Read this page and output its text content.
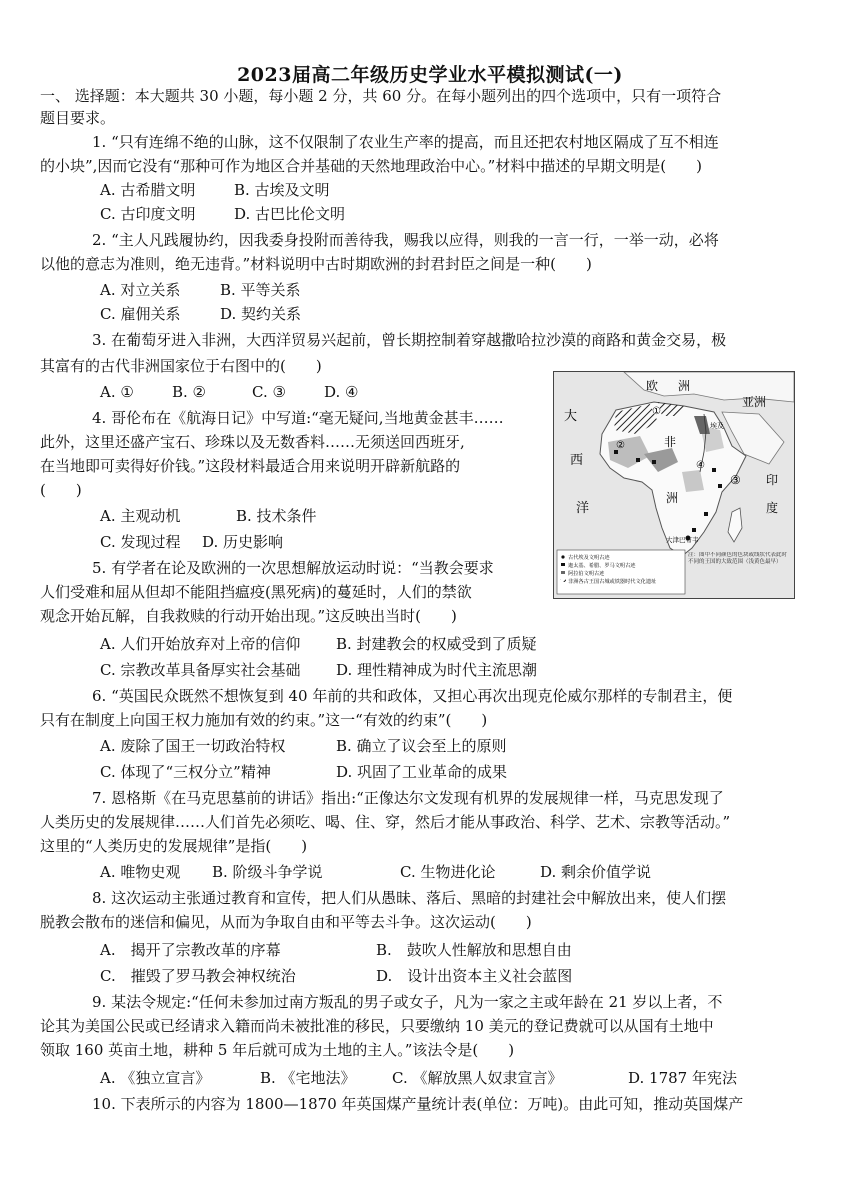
2023届高二年级历史学业水平模拟测试(一)
一、 选择题：本大题共 30 小题，每小题 2 分，共 60 分。在每小题列出的四个选项中，只有一项符合
题目要求。
1. “只有连绵不绝的山脉，这不仅限制了农业生产率的提高，而且还把农村地区隔成了互不相连
的小块”,因而它没有“那种可作为地区合并基础的天然地理政治中心。”材料中描述的早期文明是(　　)
A. 古希腊文明	B. 古埃及文明
C. 古印度文明	D. 古巴比伦文明
2. “主人凡践履协约，因我委身投附而善待我，赐我以应得，则我的一言一行，一举一动，必将
以他的意志为准则，绝无违背。”材料说明中古时期欧洲的封君封臣之间是一种(　　)
A. 对立关系	B. 平等关系
C. 雇佣关系	D. 契约关系
3. 在葡萄牙进入非洲，大西洋贸易兴起前，曾长期控制着穿越撒哈拉沙漠的商路和黄金交易，极
其富有的古代非洲国家位于右图中的(　　)
A. ①	B. ②	C. ③	D. ④
4. 哥伦布在《航海日记》中写道:“毫无疑问,当地黄金甚丰……
此外，这里还盛产宝石、珍珠以及无数香料……无须送回西班牙,
在当地即可卖得好价钱。”这段材料最适合用来说明开辟新航路的
(　　)
A. 主观动机	B. 技术条件
C. 发现过程 D. 历史影响
5. 有学者在论及欧洲的一次思想解放运动时说：“当教会要求
人们受难和屈从但却不能阻挡瘟疫(黑死病)的蔓延时，人们的禁欲
观念开始瓦解，自我救赎的行动开始出现。”这反映出当时(　　)
A. 人们开始放弃对上帝的信仰 B. 封建教会的权威受到了质疑
C. 宗教改革具备厚实社会基础 D. 理性精神成为时代主流思潮
6. “英国民众既然不想恢复到 40 年前的共和政体，又担心再次出现克伦威尔那样的专制君主，便
只有在制度上向国王权力施加有效的约束。”这一“有效的约束”(　　)
A. 废除了国王一切政治特权	B. 确立了议会至上的原则
C. 体现了“三权分立”精神	D. 巩固了工业革命的成果
7. 恩格斯《在马克思墓前的讲话》指出:“正像达尔文发现有机界的发展规律一样，马克思发现了
人类历史的发展规律……人们首先必须吃、喝、住、穿，然后才能从事政治、科学、艺术、宗教等活动。”
这里的“人类历史的发展规律”是指(　　)
A. 唯物史观 B. 阶级斗争学说	C. 生物进化论	D. 剩余价值学说
8. 这次运动主张通过教育和宣传，把人们从愚昧、落后、黑暗的封建社会中解放出来，使人们摆
脱教会散布的迷信和偏见，从而为争取自由和平等去斗争。这次运动(　　)
A.　揭开了宗教改革的序幕	B.　鼓吹人性解放和思想自由
C.　摧毁了罗马教会神权统治	D.　设计出资本主义社会蓝图
9. 某法令规定:“任何未参加过南方叛乱的男子或女子，凡为一家之主或年龄在 21 岁以上者，不
论其为美国公民或已经请求入籍而尚未被批准的移民，只要缴纳 10 美元的登记费就可以从国有土地中
领取 160 英亩土地，耕种 5 年后就可成为土地的主人。”该法令是(　　)
A. 《独立宣言》	B. 《宅地法》 C. 《解放黑人奴隶宣言》	D. 1787 年宪法
10. 下表所示的内容为 1800—1870 年英国煤产量统计表(单位：万吨)。由此可知，推动英国煤产
欧 洲
亚洲
大
西
洋
非
洲
印
度
①
②
③
④
埃及
大津巴布韦
古代埃及文明古迹
迦太基、希腊、罗马文明古迹
阿拉伯文明古迹
非洲各古王国古城或铁器时代文化遗址
注：图中不同颜色的色块或线状代表此时不同的王国的大致范围（浅黄色最早）
